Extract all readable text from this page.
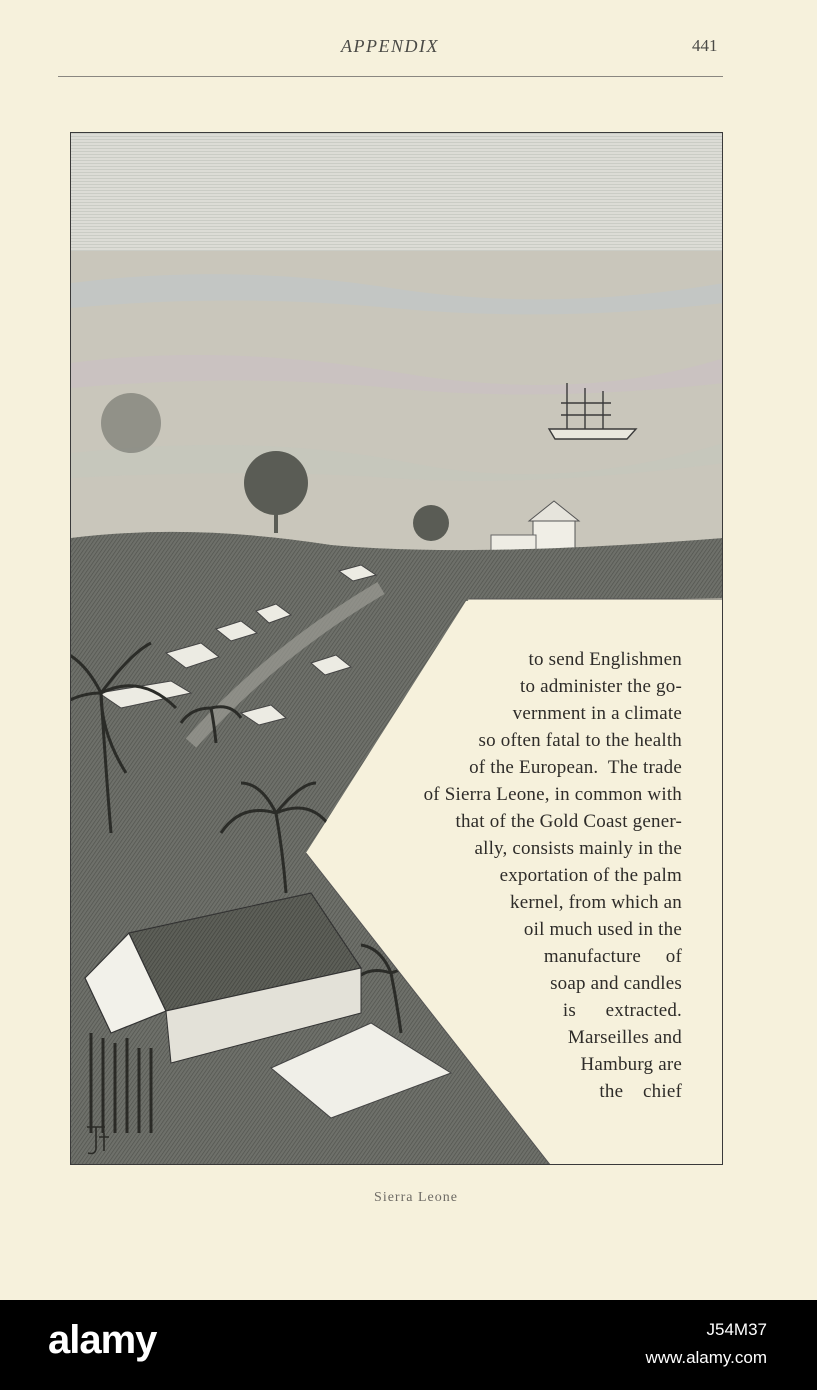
APPENDIX	441
to send Englishmen
to administer the go-
vernment in a climate
so often fatal to the health
of the European.  The trade
of Sierra Leone, in common with
that of the Gold Coast gener-
ally, consists mainly in the
exportation of the palm
kernel, from which an
oil much used in the
manufacture     of
soap and candles
is      extracted.
Marseilles and
Hamburg are
the    chief
Sierra Leone
alamy	J54M37
www.alamy.com
